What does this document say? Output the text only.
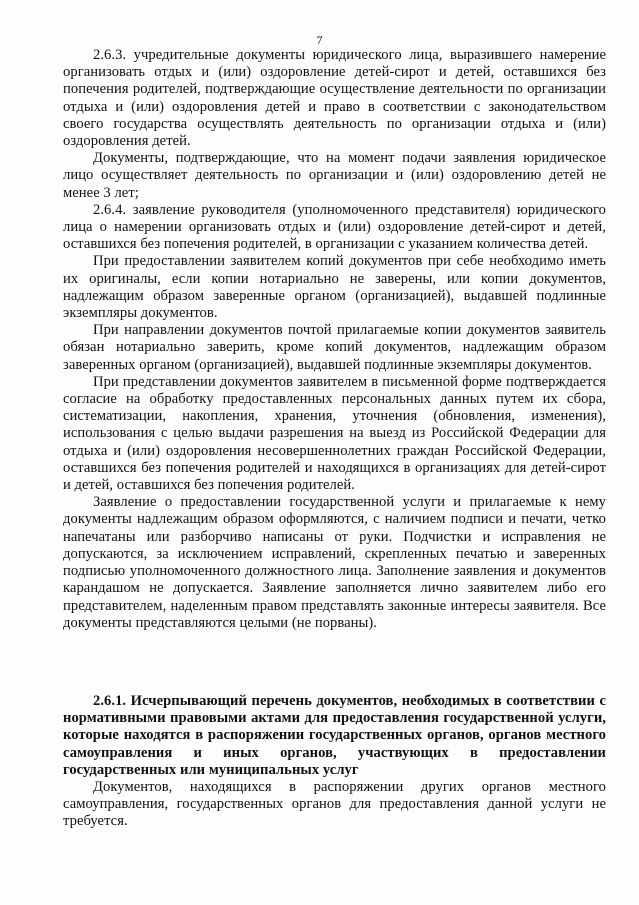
7

2.6.3. учредительные документы юридического лица, выразившего намерение организовать отдых и (или) оздоровление детей-сирот и детей, оставшихся без попечения родителей, подтверждающие осуществление деятельности по организации отдыха и (или) оздоровления детей и право в соответствии с законодательством своего государства осуществлять деятельность по организации отдыха и (или) оздоровления детей.

Документы, подтверждающие, что на момент подачи заявления юридическое лицо осуществляет деятельность по организации и (или) оздоровлению детей не менее 3 лет;

2.6.4. заявление руководителя (уполномоченного представителя) юридического лица о намерении организовать отдых и (или) оздоровление детей-сирот и детей, оставшихся без попечения родителей, в организации с указанием количества детей.

При предоставлении заявителем копий документов при себе необходимо иметь их оригиналы, если копии нотариально не заверены, или копии документов, надлежащим образом заверенные органом (организацией), выдавшей подлинные экземпляры документов.

При направлении документов почтой прилагаемые копии документов заявитель обязан нотариально заверить, кроме копий документов, надлежащим образом заверенных органом (организацией), выдавшей подлинные экземпляры документов.

При представлении документов заявителем в письменной форме подтверждается согласие на обработку предоставленных персональных данных путем их сбора, систематизации, накопления, хранения, уточнения (обновления, изменения), использования с целью выдачи разрешения на выезд из Российской Федерации для отдыха и (или) оздоровления несовершеннолетних граждан Российской Федерации, оставшихся без попечения родителей и находящихся в организациях для детей-сирот и детей, оставшихся без попечения родителей.

Заявление о предоставлении государственной услуги и прилагаемые к нему документы надлежащим образом оформляются, с наличием подписи и печати, четко напечатаны или разборчиво написаны от руки. Подчистки и исправления не допускаются, за исключением исправлений, скрепленных печатью и заверенных подписью уполномоченного должностного лица. Заполнение заявления и документов карандашом не допускается. Заявление заполняется лично заявителем либо его представителем, наделенным правом представлять законные интересы заявителя. Все документы представляются целыми (не порваны).

2.6.1. Исчерпывающий перечень документов, необходимых в соответствии с нормативными правовыми актами для предоставления государственной услуги, которые находятся в распоряжении государственных органов, органов местного самоуправления и иных органов, участвующих в предоставлении государственных или муниципальных услуг

Документов, находящихся в распоряжении других органов местного самоуправления, государственных органов для предоставления данной услуги не требуется.
